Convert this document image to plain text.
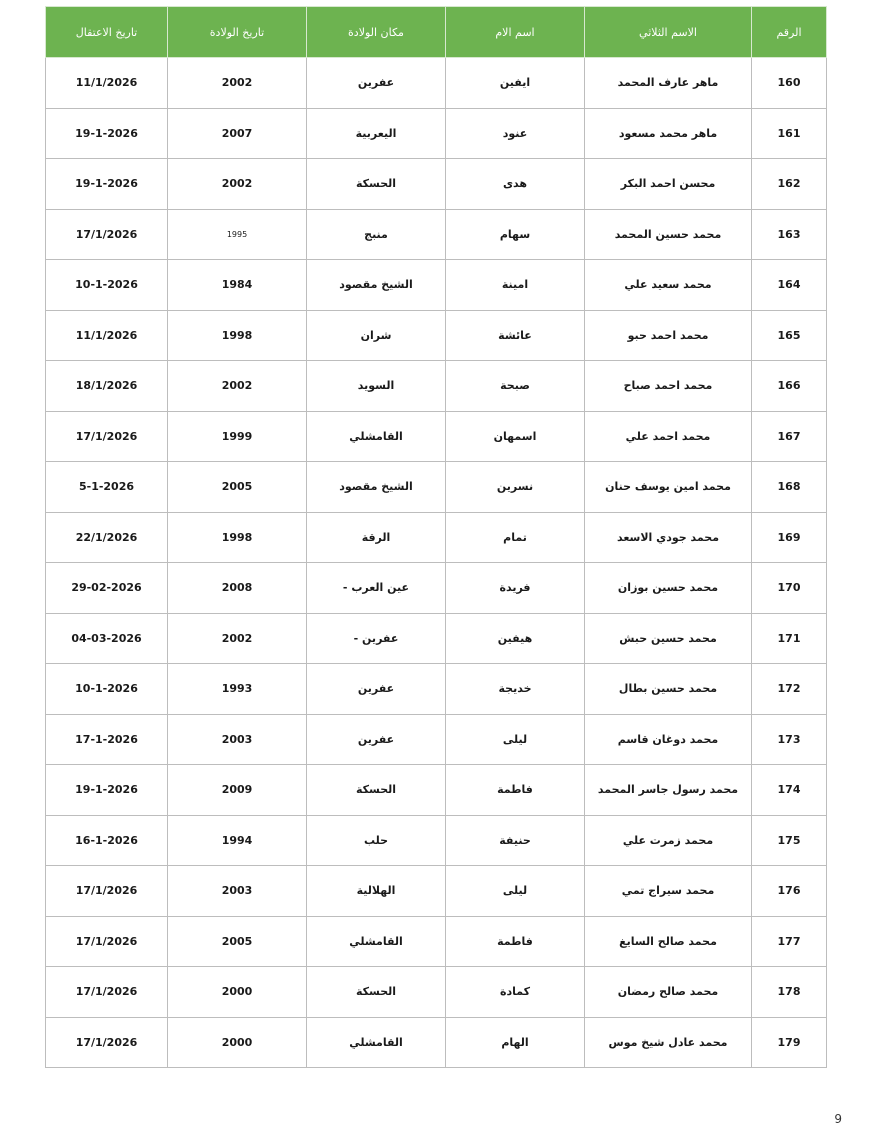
الرقم	الاسم الثلاثي	اسم الام	مكان الولادة	تاريخ الولادة	تاريخ الاعتقال
160	ماهر عارف المحمد	ايفين	عفرين	2002	11/1/2026
161	ماهر محمد مسعود	عنود	اليعربية	2007	19-1-2026
162	محسن احمد البكر	هدى	الحسكة	2002	19-1-2026
163	محمد حسين المحمد	سهام	منبج	1995	17/1/2026
164	محمد سعيد علي	امينة	الشيخ مقصود	1984	10-1-2026
165	محمد احمد حبو	عائشة	شران	1998	11/1/2026
166	محمد احمد صباح	صبحة	السويد	2002	18/1/2026
167	محمد احمد علي	اسمهان	القامشلي	1999	17/1/2026
168	محمد امين يوسف حنان	نسرين	الشيخ مقصود	2005	5-1-2026
169	محمد جودي الاسعد	تمام	الرقة	1998	22/1/2026
170	محمد حسين بوزان	فريدة	عين العرب -	2008	29-02-2026
171	محمد حسين حبش	هيفين	عفرين -	2002	04-03-2026
172	محمد حسين بطال	خديجة	عفرين	1993	10-1-2026
173	محمد دوغان قاسم	ليلى	عفرين	2003	17-1-2026
174	محمد رسول جاسر المحمد	فاطمة	الحسكة	2009	19-1-2026
175	محمد زمرت علي	حنيفة	حلب	1994	16-1-2026
176	محمد سيراج تمي	ليلى	الهلالية	2003	17/1/2026
177	محمد صالح السايغ	فاطمة	القامشلي	2005	17/1/2026
178	محمد صالح رمضان	كمادة	الحسكة	2000	17/1/2026
179	محمد عادل شيخ موس	الهام	القامشلي	2000	17/1/2026
9
